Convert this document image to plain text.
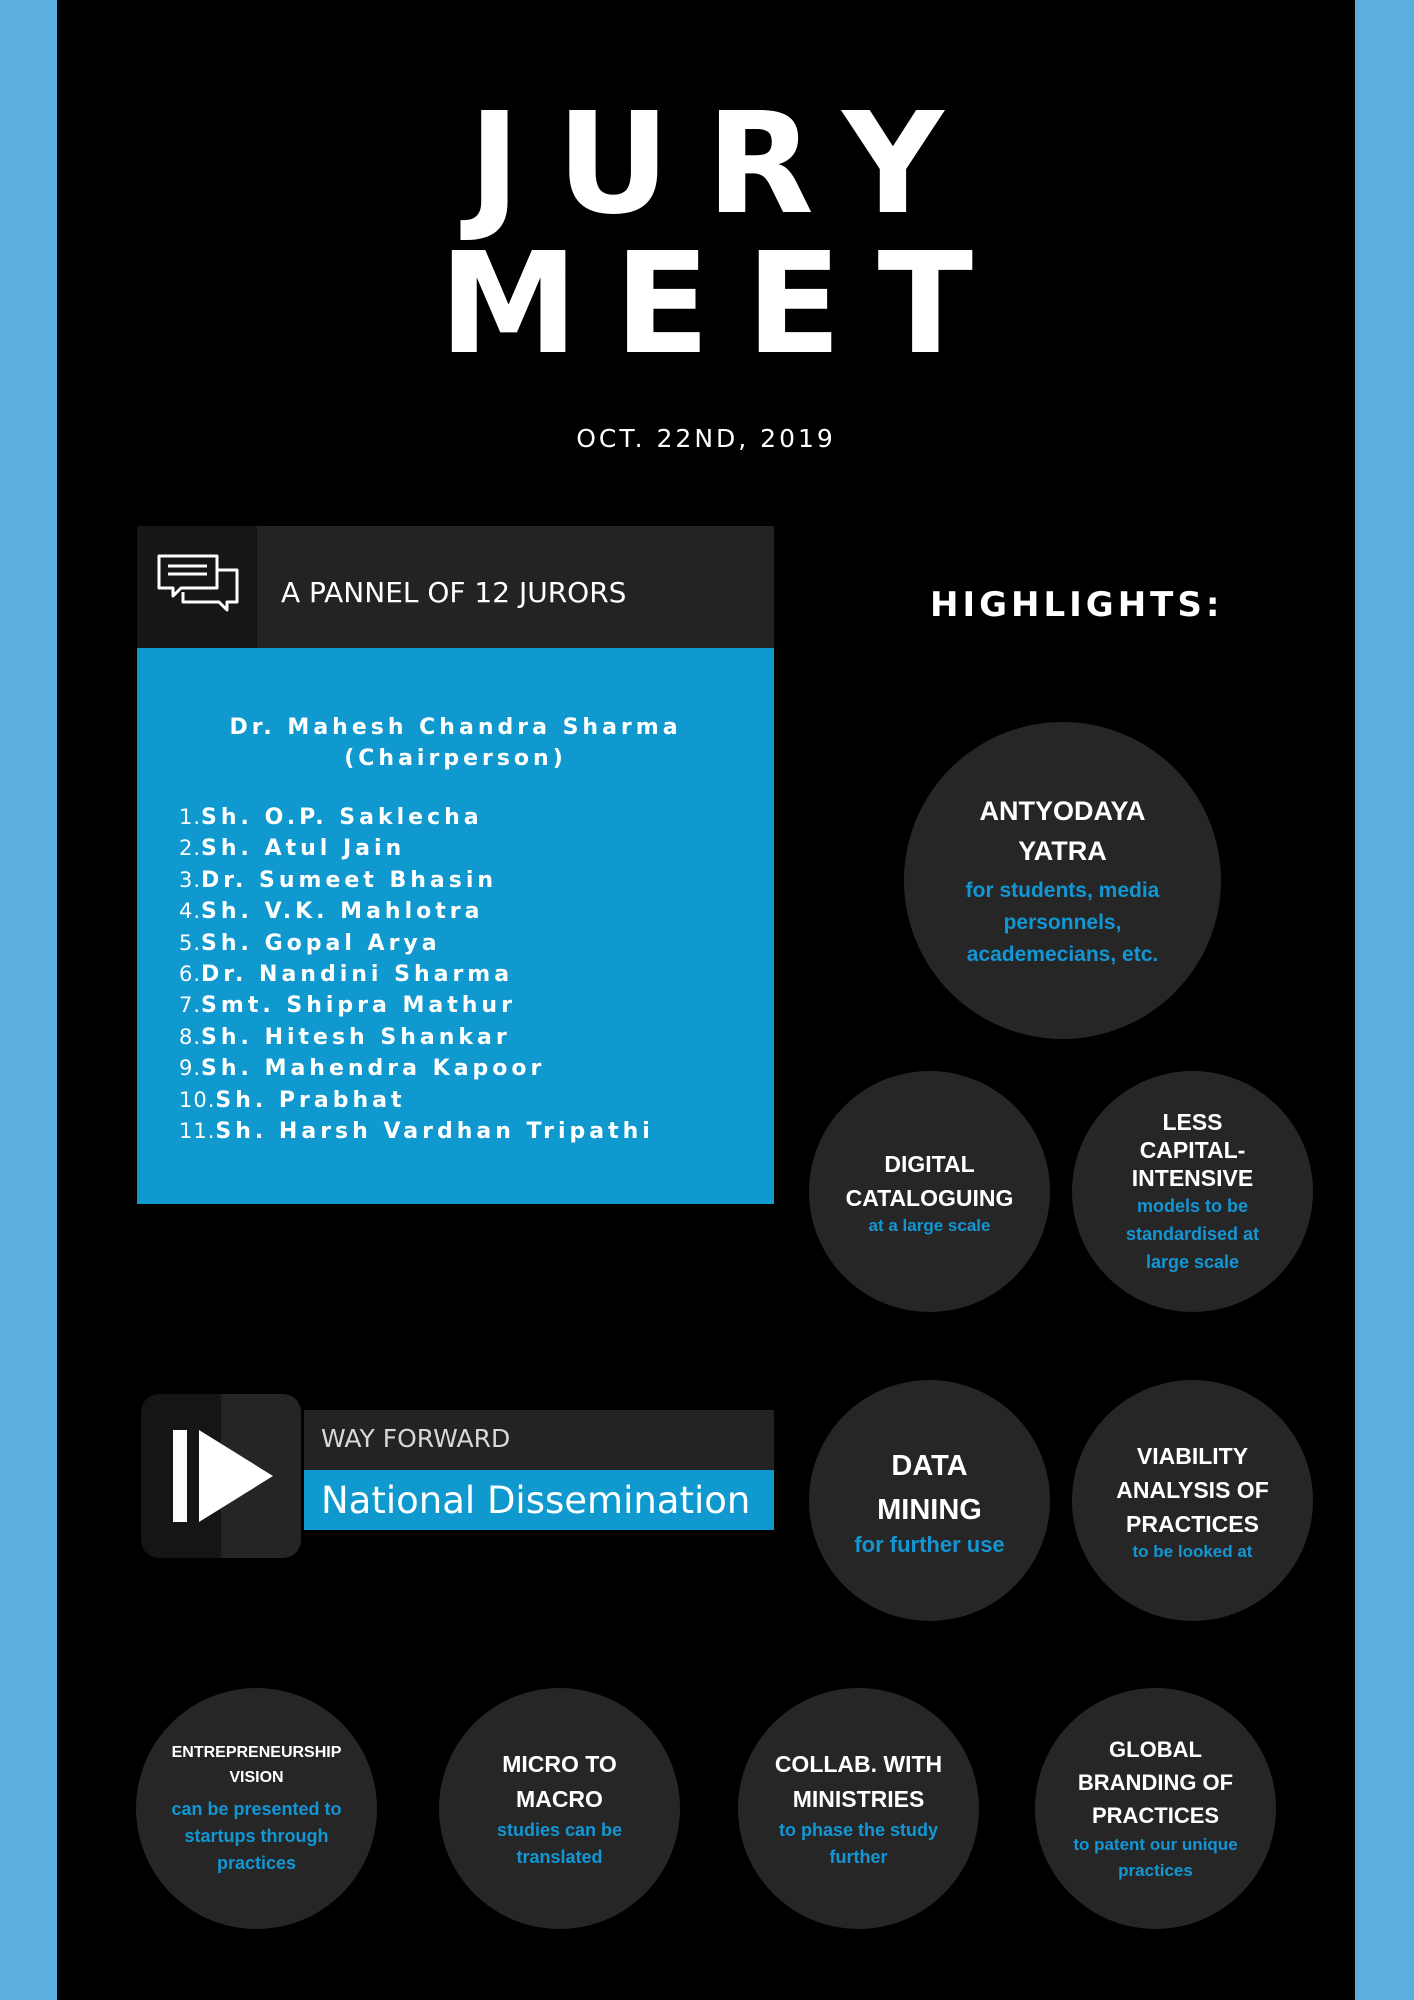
JURY
MEET
OCT. 22ND, 2019
A PANNEL OF 12 JURORS
Dr. Mahesh Chandra Sharma
(Chairperson)
1.Sh. O.P. Saklecha
2.Sh. Atul Jain
3.Dr. Sumeet Bhasin
4.Sh. V.K. Mahlotra
5.Sh. Gopal Arya
6.Dr. Nandini Sharma
7.Smt. Shipra Mathur
8.Sh. Hitesh Shankar
9.Sh. Mahendra Kapoor
10.Sh. Prabhat
11.Sh. Harsh Vardhan Tripathi
HIGHLIGHTS:
WAY FORWARD
National Dissemination
ANTYODAYA YATRA
for students, media personnels, academecians, etc.
DIGITAL CATALOGUING
at a large scale
LESS CAPITAL-INTENSIVE
models to be standardised at large scale
DATA MINING
for further use
VIABILITY ANALYSIS OF PRACTICES
to be looked at
ENTREPRENEURSHIP VISION
can be presented to startups through practices
MICRO TO MACRO
studies can be translated
COLLAB. WITH MINISTRIES
to phase the study further
GLOBAL BRANDING OF PRACTICES
to patent our unique practices
